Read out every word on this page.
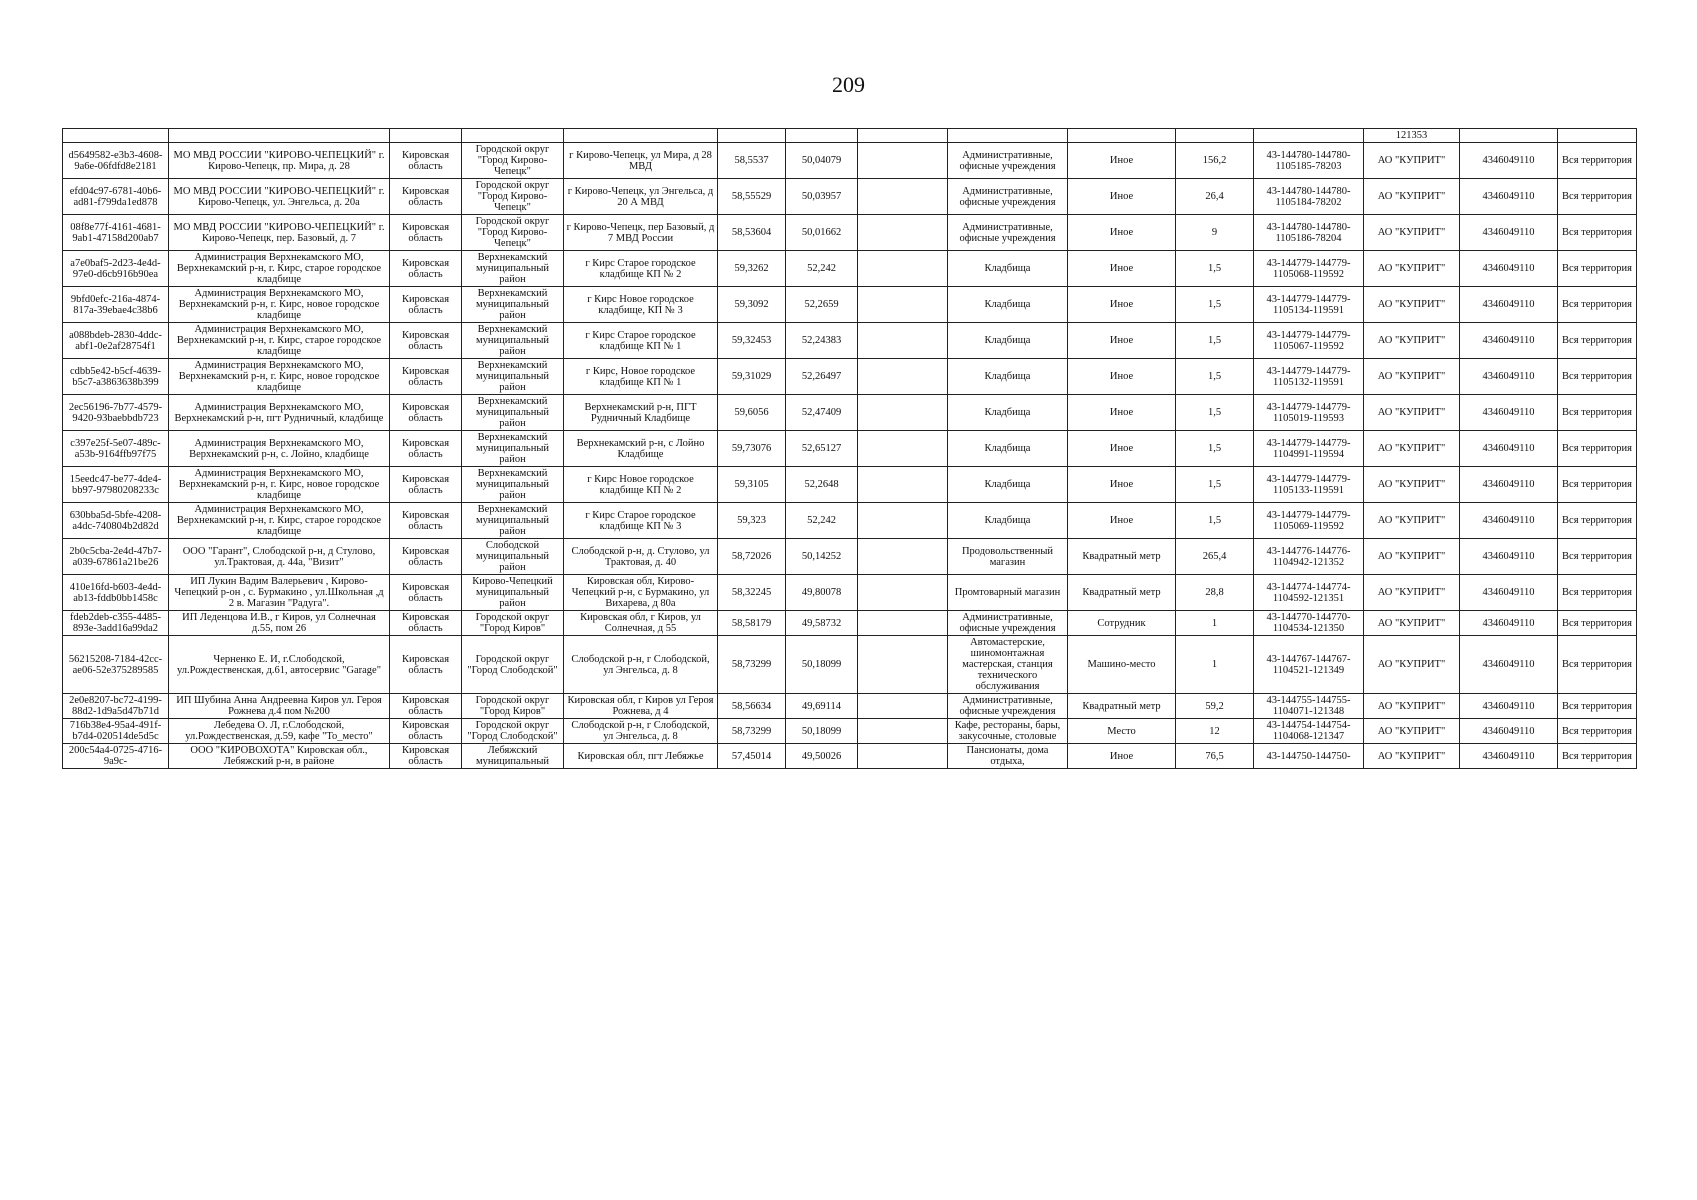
209
												121353		
d5649582-e3b3-4608-9a6e-06fdfd8e2181	МО МВД РОССИИ "КИРОВО-ЧЕПЕЦКИЙ" г. Кирово-Чепецк, пр. Мира, д. 28	Кировская область	Городской округ "Город Кирово-Чепецк"	г Кирово-Чепецк, ул Мира, д 28 МВД	58,5537	50,04079		Административные, офисные учреждения	Иное	156,2	43-144780-144780-1105185-78203	АО "КУПРИТ"	4346049110	Вся территория
efd04c97-6781-40b6-ad81-f799da1ed878	МО МВД РОССИИ "КИРОВО-ЧЕПЕЦКИЙ" г. Кирово-Чепецк, ул. Энгельса, д. 20а	Кировская область	Городской округ "Город Кирово-Чепецк"	г Кирово-Чепецк, ул Энгельса, д 20 А МВД	58,55529	50,03957		Административные, офисные учреждения	Иное	26,4	43-144780-144780-1105184-78202	АО "КУПРИТ"	4346049110	Вся территория
08f8e77f-4161-4681-9ab1-47158d200ab7	МО МВД РОССИИ "КИРОВО-ЧЕПЕЦКИЙ" г. Кирово-Чепецк, пер. Базовый, д. 7	Кировская область	Городской округ "Город Кирово-Чепецк"	г Кирово-Чепецк, пер Базовый, д 7 МВД России	58,53604	50,01662		Административные, офисные учреждения	Иное	9	43-144780-144780-1105186-78204	АО "КУПРИТ"	4346049110	Вся территория
a7e0baf5-2d23-4e4d-97e0-d6cb916b90ea	Администрация Верхнекамского МО, Верхнекамский р-н, г. Кирс, старое городское кладбище	Кировская область	Верхнекамский муниципальный район	г Кирс Старое городское кладбище КП № 2	59,3262	52,242		Кладбища	Иное	1,5	43-144779-144779-1105068-119592	АО "КУПРИТ"	4346049110	Вся территория
9bfd0efc-216a-4874-817a-39ebae4c38b6	Администрация Верхнекамского МО, Верхнекамский р-н, г. Кирс, новое городское кладбище	Кировская область	Верхнекамский муниципальный район	г Кирс Новое городское кладбище, КП № 3	59,3092	52,2659		Кладбища	Иное	1,5	43-144779-144779-1105134-119591	АО "КУПРИТ"	4346049110	Вся территория
a088bdeb-2830-4ddc-abf1-0e2af28754f1	Администрация Верхнекамского МО, Верхнекамский р-н, г. Кирс, старое городское кладбище	Кировская область	Верхнекамский муниципальный район	г Кирс Старое городское кладбище КП № 1	59,32453	52,24383		Кладбища	Иное	1,5	43-144779-144779-1105067-119592	АО "КУПРИТ"	4346049110	Вся территория
cdbb5e42-b5cf-4639-b5c7-a3863638b399	Администрация Верхнекамского МО, Верхнекамский р-н, г. Кирс, новое городское кладбище	Кировская область	Верхнекамский муниципальный район	г Кирс, Новое городское кладбище КП № 1	59,31029	52,26497		Кладбища	Иное	1,5	43-144779-144779-1105132-119591	АО "КУПРИТ"	4346049110	Вся территория
2ec56196-7b77-4579-9420-93baebbdb723	Администрация Верхнекамского МО, Верхнекамский р-н, пгт Рудничный, кладбище	Кировская область	Верхнекамский муниципальный район	Верхнекамский р-н, ПГТ Рудничный Кладбище	59,6056	52,47409		Кладбища	Иное	1,5	43-144779-144779-1105019-119593	АО "КУПРИТ"	4346049110	Вся территория
c397e25f-5e07-489c-a53b-9164ffb97f75	Администрация Верхнекамского МО, Верхнекамский р-н, с. Лойно, кладбище	Кировская область	Верхнекамский муниципальный район	Верхнекамский р-н, с Лойно Кладбище	59,73076	52,65127		Кладбища	Иное	1,5	43-144779-144779-1104991-119594	АО "КУПРИТ"	4346049110	Вся территория
15eedc47-be77-4de4-bb97-97980208233c	Администрация Верхнекамского МО, Верхнекамский р-н, г. Кирс, новое городское кладбище	Кировская область	Верхнекамский муниципальный район	г Кирс Новое городское кладбище КП № 2	59,3105	52,2648		Кладбища	Иное	1,5	43-144779-144779-1105133-119591	АО "КУПРИТ"	4346049110	Вся территория
630bba5d-5bfe-4208-a4dc-740804b2d82d	Администрация Верхнекамского МО, Верхнекамский р-н, г. Кирс, старое городское кладбище	Кировская область	Верхнекамский муниципальный район	г Кирс Старое городское кладбище КП № 3	59,323	52,242		Кладбища	Иное	1,5	43-144779-144779-1105069-119592	АО "КУПРИТ"	4346049110	Вся территория
2b0c5cba-2e4d-47b7-a039-67861a21be26	ООО "Гарант", Слободской р-н, д Стулово, ул.Трактовая, д. 44а, "Визит"	Кировская область	Слободской муниципальный район	Слободской р-н, д. Стулово, ул Трактовая, д. 40	58,72026	50,14252		Продовольственный магазин	Квадратный метр	265,4	43-144776-144776-1104942-121352	АО "КУПРИТ"	4346049110	Вся территория
410e16fd-b603-4e4d-ab13-fddb0bb1458c	ИП Лукин Вадим Валерьевич , Кирово-Чепецкий р-он , с. Бурмакино , ул.Школьная ,д 2 в. Магазин "Радуга".	Кировская область	Кирово-Чепецкий муниципальный район	Кировская обл, Кирово-Чепецкий р-н, с Бурмакино, ул Вихарева, д 80а	58,32245	49,80078		Промтоварный магазин	Квадратный метр	28,8	43-144774-144774-1104592-121351	АО "КУПРИТ"	4346049110	Вся территория
fdeb2deb-c355-4485-893e-3add16a99da2	ИП Леденцова И.В., г Киров, ул Солнечная д.55, пом 26	Кировская область	Городской округ "Город Киров"	Кировская обл, г Киров, ул Солнечная, д 55	58,58179	49,58732		Административные, офисные учреждения	Сотрудник	1	43-144770-144770-1104534-121350	АО "КУПРИТ"	4346049110	Вся территория
56215208-7184-42cc-ae06-52e375289585	Черненко Е. И, г.Слободской, ул.Рождественская, д.61, автосервис "Garage"	Кировская область	Городской округ "Город Слободской"	Слободской р-н, г Слободской, ул Энгельса, д. 8	58,73299	50,18099		Автомастерские, шиномонтажная мастерская, станция технического обслуживания	Машино-место	1	43-144767-144767-1104521-121349	АО "КУПРИТ"	4346049110	Вся территория
2e0e8207-bc72-4199-88d2-1d9a5d47b71d	ИП Шубина Анна Андреевна Киров ул. Героя Рожнева д.4 пом №200	Кировская область	Городской округ "Город Киров"	Кировская обл, г Киров ул Героя Рожнева, д 4	58,56634	49,69114		Административные, офисные учреждения	Квадратный метр	59,2	43-144755-144755-1104071-121348	АО "КУПРИТ"	4346049110	Вся территория
716b38e4-95a4-491f-b7d4-020514de5d5c	Лебедева О. Л, г.Слободской, ул.Рождественская, д.59, кафе "То_место"	Кировская область	Городской округ "Город Слободской"	Слободской р-н, г Слободской, ул Энгельса, д. 8	58,73299	50,18099		Кафе, рестораны, бары, закусочные, столовые	Место	12	43-144754-144754-1104068-121347	АО "КУПРИТ"	4346049110	Вся территория
200c54a4-0725-4716-9a9c-	ООО "КИРОВОХОТА" Кировская обл., Лебяжский р-н, в районе	Кировская область	Лебяжский муниципальный	Кировская обл, пгт Лебяжье	57,45014	49,50026		Пансионаты, дома отдыха,	Иное	76,5	43-144750-144750-	АО "КУПРИТ"	4346049110	Вся территория
